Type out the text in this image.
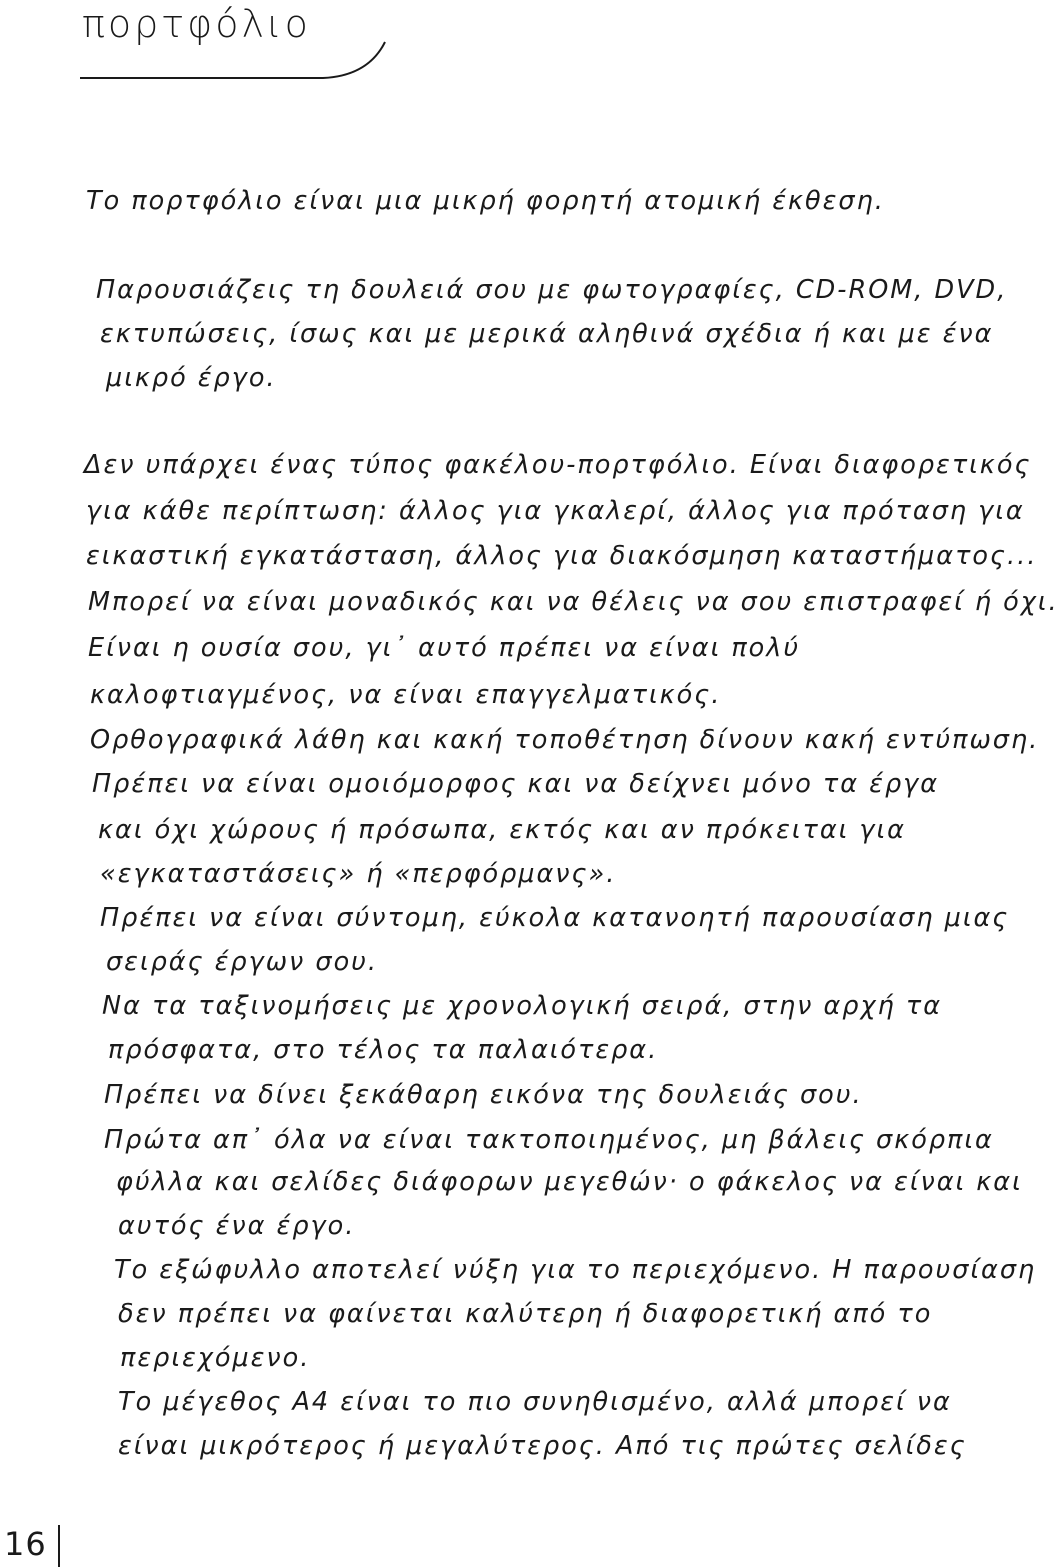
πορτφόλιο
Το πορτφόλιο είναι μια μικρή φορητή ατομική έκθεση.
Παρουσιάζεις τη δουλειά σου με φωτογραφίες, CD-ROM, DVD,
εκτυπώσεις, ίσως και με μερικά αληθινά σχέδια ή και με ένα
μικρό έργο.
Δεν υπάρχει ένας τύπος φακέλου-πορτφόλιο. Είναι διαφορετικός
για κάθε περίπτωση: άλλος για γκαλερί, άλλος για πρόταση για
εικαστική εγκατάσταση, άλλος για διακόσμηση καταστήματος...
Μπορεί να είναι μοναδικός και να θέλεις να σου επιστραφεί ή όχι.
Είναι η ουσία σου, γι᾽ αυτό πρέπει να είναι πολύ
καλοφτιαγμένος, να είναι επαγγελματικός.
Ορθογραφικά λάθη και κακή τοποθέτηση δίνουν κακή εντύπωση.
Πρέπει να είναι ομοιόμορφος και να δείχνει μόνο τα έργα
και όχι χώρους ή πρόσωπα, εκτός και αν πρόκειται για
«εγκαταστάσεις» ή «περφόρμανς».
Πρέπει να είναι σύντομη, εύκολα κατανοητή παρουσίαση μιας
σειράς έργων σου.
Να τα ταξινομήσεις με χρονολογική σειρά, στην αρχή τα
πρόσφατα, στο τέλος τα παλαιότερα.
Πρέπει να δίνει ξεκάθαρη εικόνα της δουλειάς σου.
Πρώτα απ᾽ όλα να είναι τακτοποιημένος, μη βάλεις σκόρπια
φύλλα και σελίδες διάφορων μεγεθών· ο φάκελος να είναι και
αυτός ένα έργο.
Το εξώφυλλο αποτελεί νύξη για το περιεχόμενο. Η παρουσίαση
δεν πρέπει να φαίνεται καλύτερη ή διαφορετική από το
περιεχόμενο.
Το μέγεθος Α4 είναι το πιο συνηθισμένο, αλλά μπορεί να
είναι μικρότερος ή μεγαλύτερος. Από τις πρώτες σελίδες
16
